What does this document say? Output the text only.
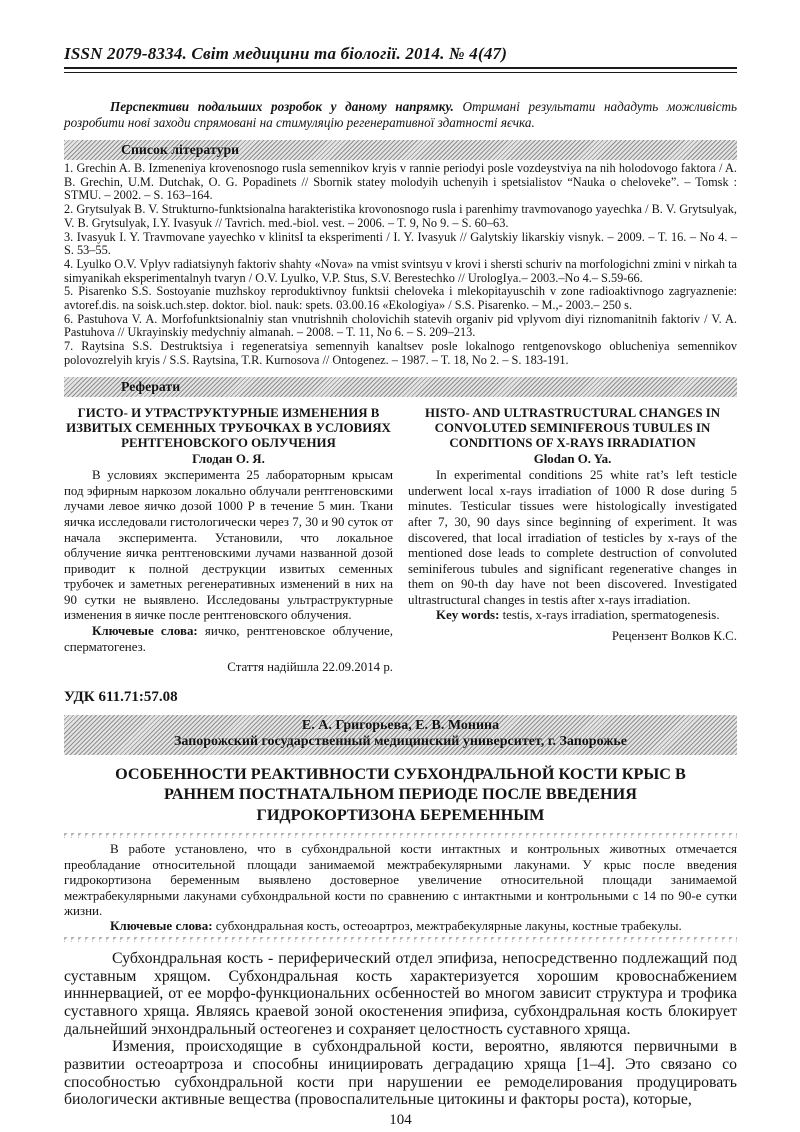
ISSN 2079-8334. Світ медицини та біології. 2014. № 4(47)
Перспективи подальших розробок у даному напрямку. Отримані результати нададуть можливість розробити нові заходи спрямовані на стимуляцію регенеративної здатності яєчка.
Список літератури
1. Grechin A. B. Izmeneniya krovenosnogo rusla semennikov kryis v rannie periodyi posle vozdeystviya na nih holodovogo faktora / A. B. Grechin, U.M. Dutchak, O. G. Popadinets // Sbornik statey molodyih uchenyih i spetsialistov “Nauka o cheloveke”. – Tomsk : STMU. – 2002. – S. 163–164.
2. Grytsulyak B. V. Strukturno-funktsionalna harakteristika krovonosnogo rusla i parenhimy travmovanogo yayechka / B. V. Grytsulyak, V. B. Grytsulyak, I.Y. Ivasyuk // Tavrich. med.-biol. vest. – 2006. – T. 9, No 9. – S. 60–63.
3. Ivasyuk I. Y. Travmovane yayechko v klinitsI ta eksperimenti / I. Y. Ivasyuk // Galytskiy likarskiy visnyk. – 2009. – T. 16. – No 4. – S. 53–55.
4. Lyulko O.V. Vplyv radiatsiynyh faktoriv shahty «Nova» na vmist svintsyu v krovi i shersti schuriv na morfologichni zmini v nirkah ta simyanikah eksperimentalnyh tvaryn / O.V. Lyulko, V.P. Stus, S.V. Berestechko // UrologIya.– 2003.–No 4.– S.59-66.
5. Pisarenko S.S. Sostoyanie muzhskoy reproduktivnoy funktsii cheloveka i mlekopitayuschih v zone radioaktivnogo zagryaznenie: avtoref.dis. na soisk.uch.step. doktor. biol. nauk: spets. 03.00.16 «Ekologiya» / S.S. Pisarenko. – M.,- 2003.– 250 s.
6. Pastuhova V. A. Morfofunktsionalniy stan vnutrishnih cholovichih statevih organiv pid vplyvom diyi riznomanitnih faktoriv / V. A. Pastuhova // Ukrayinskiy medychniy almanah. – 2008. – T. 11, No 6. – S. 209–213.
7. Raytsina S.S. Destruktsiya i regeneratsiya semennyih kanaltsev posle lokalnogo rentgenovskogo oblucheniya semennikov polovozrelyih kryis / S.S. Raytsina, T.R. Kurnosova // Ontogenez. – 1987. – T. 18, No 2. – S. 183-191.
Реферати
ГИСТО- И УТРАСТРУКТУРНЫЕ ИЗМЕНЕНИЯ В ИЗВИТЫХ СЕМЕННЫХ ТРУБОЧКАХ В УСЛОВИЯХ РЕНТГЕНОВСКОГО ОБЛУЧЕНИЯ
Глодан О. Я.
В условиях эксперимента 25 лабораторным крысам под эфирным наркозом локально облучали рентгеновскими лучами левое яичко дозой 1000 Р в течение 5 мин. Ткани яичка исследовали гистологически через 7, 30 и 90 суток от начала эксперимента. Установили, что локальное облучение яичка рентгеновскими лучами названной дозой приводит к полной деструкции извитых семенных трубочек и заметных регенеративных изменений в них на 90 сутки не выявлено. Исследованы ультраструктурные изменения в яичке после рентгеновского облучения.
Ключевые слова: яичко, рентгеновское облучение, сперматогенез.
Стаття надійшла 22.09.2014 р.
HISTO- AND ULTRASTRUCTURAL CHANGES IN CONVOLUTED SEMINIFEROUS TUBULES IN CONDITIONS OF X-RAYS IRRADIATION
Glodan O. Ya.
In experimental conditions 25 white rat’s left testicle underwent local x-rays irradiation of 1000 R dose during 5 minutes. Testicular tissues were histologically investigated after 7, 30, 90 days since beginning of experiment. It was discovered, that local irradiation of testicles by x-rays of the mentioned dose leads to complete destruction of convoluted seminiferous tubules and significant regenerative changes in them on 90-th day have not been discovered. Investigated ultrastructural changes in testis after x-rays irradiation.
Key words: testis, x-rays irradiation, spermatogenesis.
Рецензент Волков К.С.
УДК 611.71:57.08
Е. А. Григорьева, Е. В. Монина
Запорожский государственный медицинский университет, г. Запорожье
ОСОБЕННОСТИ РЕАКТИВНОСТИ СУБХОНДРАЛЬНОЙ КОСТИ КРЫС В РАННЕМ ПОСТНАТАЛЬНОМ ПЕРИОДЕ ПОСЛЕ ВВЕДЕНИЯ ГИДРОКОРТИЗОНА БЕРЕМЕННЫМ

В работе установлено, что в субхондральной кости интактных и контрольных животных отмечается преобладание относительной площади занимаемой межтрабекулярными лакунами. У крыс после введения гидрокортизона беременным выявлено достоверное увеличение относительной площади занимаемой межтрабекулярными лакунами субхондральной кости по сравнению с интактными и контрольными с 14 по 90-е сутки жизни.

Ключевые слова: субхондральная кость, остеоартроз, межтрабекулярные лакуны, костные трабекулы.

Субхондральная кость - периферический отдел эпифиза, непосредственно подлежащий под суставным хрящом. Субхондральная кость характеризуется хорошим кровоснабжением инннервацией, от ее морфо-функциональних осбенностей во многом зависит структура и трофика суставного хряща. Являясь краевой зоной окостенения эпифиза, субхондральная кость блокирует дальнейший энхондральный остеогенез и сохраняет целостность суставного хряща.

Измения, происходящие в субхондральной кости, вероятно, являются первичными в развитии остеоартроза и способны инициировать деградацию хряща [1–4]. Это связано со способностью субхондральной кости при нарушении ее ремоделирования продуцировать биологически активные вещества (провоспалительные цитокины и факторы роста), которые,

104
